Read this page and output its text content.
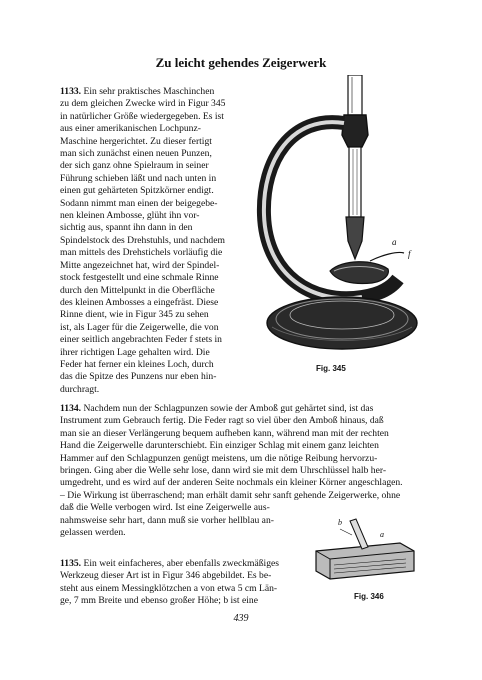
Zu leicht gehendes Zeigerwerk
1133. Ein sehr praktisches Maschinchen
zu dem gleichen Zwecke wird in Figur 345
in natürlicher Größe wiedergegeben. Es ist
aus einer amerikanischen Lochpunz-
Maschine hergerichtet. Zu dieser fertigt
man sich zunächst einen neuen Punzen,
der sich ganz ohne Spielraum in seiner
Führung schieben läßt und nach unten in
einen gut gehärteten Spitzkörner endigt.
Sodann nimmt man einen der beigegebe-
nen kleinen Ambosse, glüht ihn vor-
sichtig aus, spannt ihn dann in den
Spindelstock des Drehstuhls, und nachdem
man mittels des Drehstichels vorläufig die
Mitte angezeichnet hat, wird der Spindel-
stock festgestellt und eine schmale Rinne
durch den Mittelpunkt in die Oberfläche
des kleinen Ambosses a eingefräst. Diese
Rinne dient, wie in Figur 345 zu sehen
ist, als Lager für die Zeigerwelle, die von
einer seitlich angebrachten Feder f stets in
ihrer richtigen Lage gehalten wird. Die
Feder hat ferner ein kleines Loch, durch
das die Spitze des Punzens nur eben hin-
durchragt.
a
f
Fig. 345
1134. Nachdem nun der Schlagpunzen sowie der Amboß gut gehärtet sind, ist das
Instrument zum Gebrauch fertig. Die Feder ragt so viel über den Amboß hinaus, daß
man sie an dieser Verlängerung bequem aufheben kann, während man mit der rechten
Hand die Zeigerwelle darunterschiebt. Ein einziger Schlag mit einem ganz leichten
Hammer auf den Schlagpunzen genügt meistens, um die nötige Reibung hervorzu-
bringen. Ging aber die Welle sehr lose, dann wird sie mit dem Uhrschlüssel halb her-
umgedreht, und es wird auf der anderen Seite nochmals ein kleiner Körner angeschlagen.
– Die Wirkung ist überraschend; man erhält damit sehr sanft gehende Zeigerwerke, ohne
daß die Welle verbogen wird. Ist eine Zeigerwelle aus-
nahmsweise sehr hart, dann muß sie vorher hellblau an-
gelassen werden.
b
a
Fig. 346
1135. Ein weit einfacheres, aber ebenfalls zweckmäßiges
Werkzeug dieser Art ist in Figur 346 abgebildet. Es be-
steht aus einem Messingklötzchen a von etwa 5 cm Län-
ge, 7 mm Breite und ebenso großer Höhe; b ist eine
439
